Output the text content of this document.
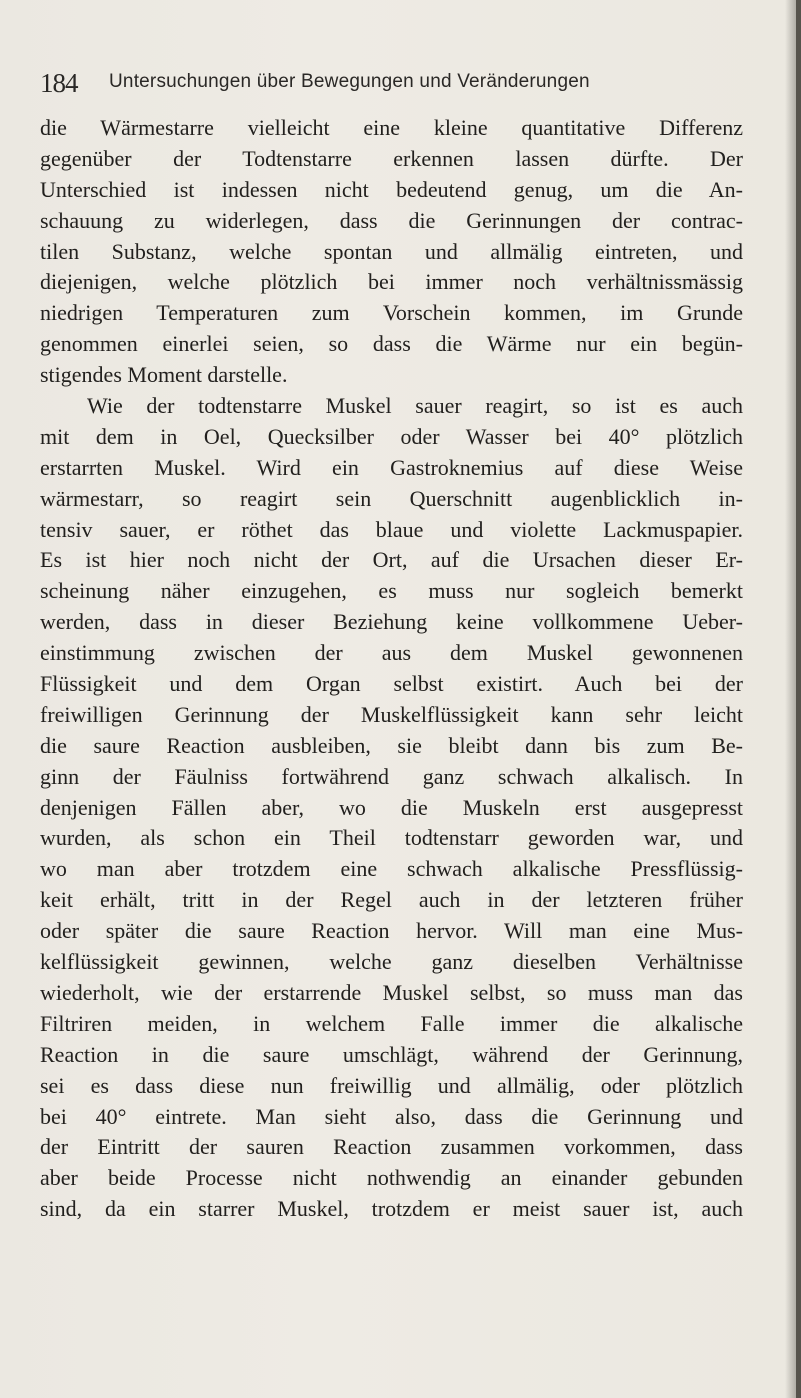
184 Untersuchungen über Bewegungen und Veränderungen
die Wärmestarre vielleicht eine kleine quantitative Differenz
gegenüber der Todtenstarre erkennen lassen dürfte. Der
Unterschied ist indessen nicht bedeutend genug, um die An-
schauung zu widerlegen, dass die Gerinnungen der contrac-
tilen Substanz, welche spontan und allmälig eintreten, und
diejenigen, welche plötzlich bei immer noch verhältnissmässig
niedrigen Temperaturen zum Vorschein kommen, im Grunde
genommen einerlei seien, so dass die Wärme nur ein begün-
stigendes Moment darstelle.
Wie der todtenstarre Muskel sauer reagirt, so ist es auch
mit dem in Oel, Quecksilber oder Wasser bei 40° plötzlich
erstarrten Muskel. Wird ein Gastroknemius auf diese Weise
wärmestarr, so reagirt sein Querschnitt augenblicklich in-
tensiv sauer, er röthet das blaue und violette Lackmuspapier.
Es ist hier noch nicht der Ort, auf die Ursachen dieser Er-
scheinung näher einzugehen, es muss nur sogleich bemerkt
werden, dass in dieser Beziehung keine vollkommene Ueber-
einstimmung zwischen der aus dem Muskel gewonnenen
Flüssigkeit und dem Organ selbst existirt. Auch bei der
freiwilligen Gerinnung der Muskelflüssigkeit kann sehr leicht
die saure Reaction ausbleiben, sie bleibt dann bis zum Be-
ginn der Fäulniss fortwährend ganz schwach alkalisch. In
denjenigen Fällen aber, wo die Muskeln erst ausgepresst
wurden, als schon ein Theil todtenstarr geworden war, und
wo man aber trotzdem eine schwach alkalische Pressflüssig-
keit erhält, tritt in der Regel auch in der letzteren früher
oder später die saure Reaction hervor. Will man eine Mus-
kelflüssigkeit gewinnen, welche ganz dieselben Verhältnisse
wiederholt, wie der erstarrende Muskel selbst, so muss man das
Filtriren meiden, in welchem Falle immer die alkalische
Reaction in die saure umschlägt, während der Gerinnung,
sei es dass diese nun freiwillig und allmälig, oder plötzlich
bei 40° eintrete. Man sieht also, dass die Gerinnung und
der Eintritt der sauren Reaction zusammen vorkommen, dass
aber beide Processe nicht nothwendig an einander gebunden
sind, da ein starrer Muskel, trotzdem er meist sauer ist, auch
